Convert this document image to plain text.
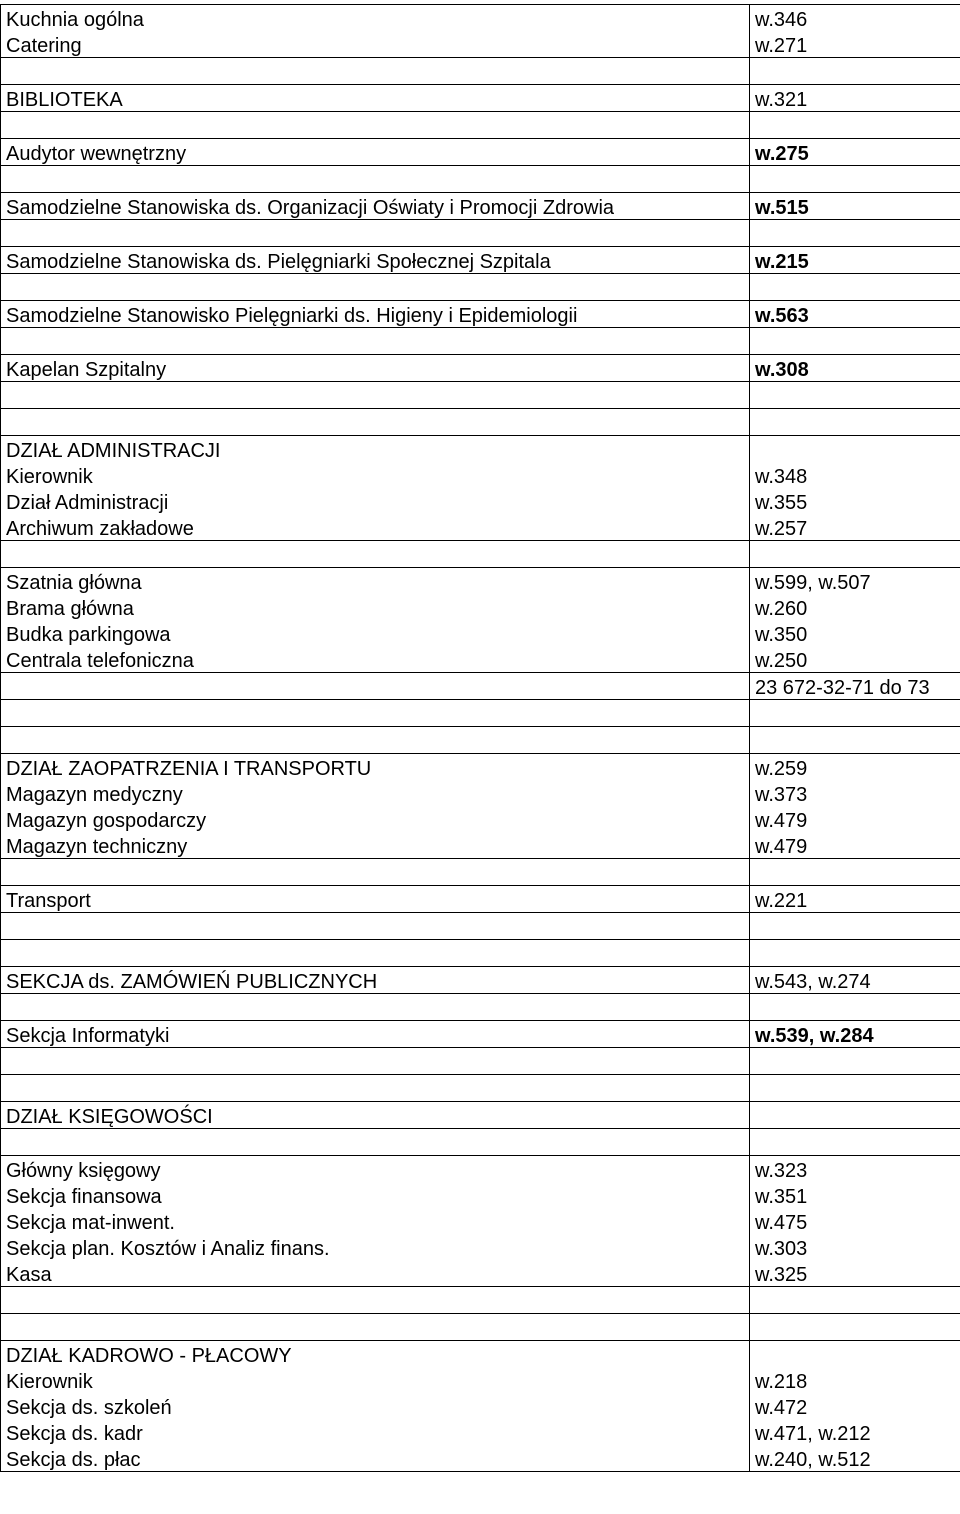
Kuchnia ogólna	w.346
Catering	w.271

BIBLIOTEKA	w.321

Audytor wewnętrzny	w.275

Samodzielne Stanowiska ds. Organizacji Oświaty i Promocji Zdrowia	w.515

Samodzielne Stanowiska ds. Pielęgniarki Społecznej Szpitala	w.215

Samodzielne Stanowisko Pielęgniarki ds. Higieny i Epidemiologii	w.563

Kapelan Szpitalny	w.308

DZIAŁ ADMINISTRACJI	
Kierownik	w.348
Dział Administracji	w.355
Archiwum zakładowe	w.257

Szatnia główna	w.599, w.507
Brama główna	w.260
Budka parkingowa	w.350
Centrala telefoniczna	w.250
	23 672-32-71 do 73

DZIAŁ ZAOPATRZENIA I TRANSPORTU	w.259
Magazyn medyczny	w.373
Magazyn gospodarczy	w.479
Magazyn techniczny	w.479

Transport	w.221

SEKCJA ds. ZAMÓWIEŃ PUBLICZNYCH	w.543, w.274

Sekcja Informatyki	w.539, w.284

DZIAŁ KSIĘGOWOŚCI	

Główny księgowy	w.323
Sekcja finansowa	w.351
Sekcja mat-inwent.	w.475
Sekcja plan. Kosztów i Analiz finans.	w.303
Kasa	w.325

DZIAŁ KADROWO - PŁACOWY	
Kierownik	w.218
Sekcja ds. szkoleń	w.472
Sekcja ds. kadr	w.471, w.212
Sekcja ds. płac	w.240, w.512
